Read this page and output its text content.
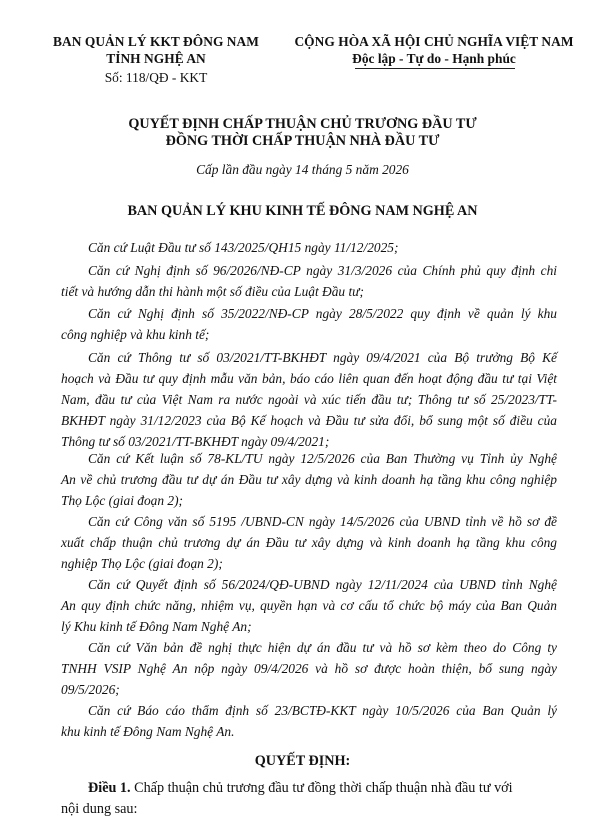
BAN QUẢN LÝ KKT ĐÔNG NAM
TỈNH NGHỆ AN
Số: 118/QĐ - KKT
CỘNG HÒA XÃ HỘI CHỦ NGHĨA VIỆT NAM
Độc lập - Tự do - Hạnh phúc
QUYẾT ĐỊNH CHẤP THUẬN CHỦ TRƯƠNG ĐẦU TƯ
ĐỒNG THỜI CHẤP THUẬN NHÀ ĐẦU TƯ
Cấp lần đầu ngày 14 tháng 5 năm 2026
BAN QUẢN LÝ KHU KINH TẾ ĐÔNG NAM NGHỆ AN
Căn cứ Luật Đầu tư số 143/2025/QH15 ngày 11/12/2025;
Căn cứ Nghị định số 96/2026/NĐ-CP ngày 31/3/2026 của Chính phủ quy định chi
tiết và hướng dẫn thi hành một số điều của Luật Đầu tư;
Căn cứ Nghị định số 35/2022/NĐ-CP ngày 28/5/2022 quy định về quản lý khu
công nghiệp và khu kinh tế;
Căn cứ Thông tư số 03/2021/TT-BKHĐT ngày 09/4/2021 của Bộ trưởng Bộ Kế
hoạch và Đầu tư quy định mẫu văn bản, báo cáo liên quan đến hoạt động đầu tư tại Việt
Nam, đầu tư của Việt Nam ra nước ngoài và xúc tiến đầu tư; Thông tư số 25/2023/TT-
BKHĐT ngày 31/12/2023 của Bộ Kế hoạch và Đầu tư sửa đổi, bổ sung một số điều của
Thông tư số 03/2021/TT-BKHĐT ngày 09/4/2021;
Căn cứ Kết luận số 78-KL/TU ngày 12/5/2026 của Ban Thường vụ Tỉnh ủy Nghệ
An về chủ trương đầu tư dự án Đầu tư xây dựng và kinh doanh hạ tầng khu công nghiệp
Thọ Lộc (giai đoạn 2);
Căn cứ Công văn số 5195 /UBND-CN ngày 14/5/2026 của UBND tỉnh về hồ sơ đề
xuất chấp thuận chủ trương dự án Đầu tư xây dựng và kinh doanh hạ tầng khu công
nghiệp Thọ Lộc (giai đoạn 2);
Căn cứ Quyết định số 56/2024/QĐ-UBND ngày 12/11/2024 của UBND tỉnh Nghệ
An quy định chức năng, nhiệm vụ, quyền hạn và cơ cấu tổ chức bộ máy của Ban Quản
lý Khu kinh tế Đông Nam Nghệ An;
Căn cứ Văn bản đề nghị thực hiện dự án đầu tư và hồ sơ kèm theo do Công ty
TNHH VSIP Nghệ An nộp ngày 09/4/2026 và hồ sơ được hoàn thiện, bổ sung ngày
09/5/2026;
Căn cứ Báo cáo thẩm định số 23/BCTĐ-KKT ngày 10/5/2026 của Ban Quản lý
khu kinh tế Đông Nam Nghệ An.
QUYẾT ĐỊNH:
Điều 1. Chấp thuận chủ trương đầu tư đồng thời chấp thuận nhà đầu tư với
nội dung sau:
